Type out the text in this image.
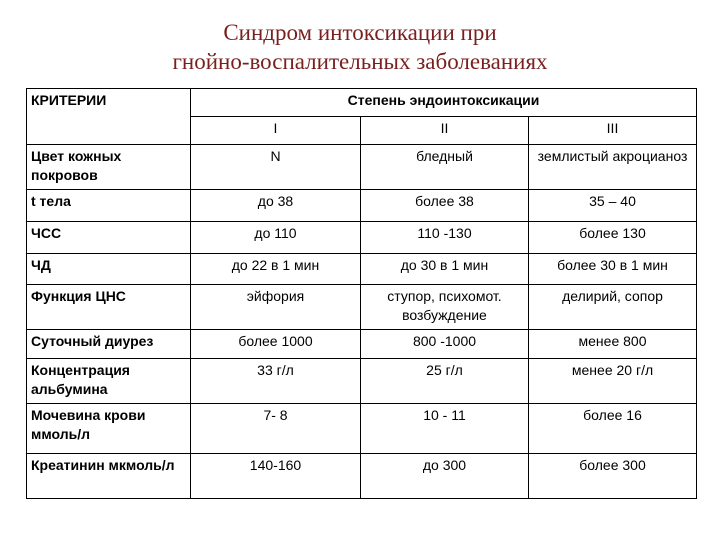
Синдром интоксикации при
гнойно-воспалительных заболеваниях
КРИТЕРИИ	Степень эндоинтоксикации		
	I	II	III
Цвет кожных покровов	N	бледный	землистый акроцианоз
t тела	до 38	более 38	35 – 40
ЧСС	до 110	110 -130	более 130
ЧД	до 22 в 1 мин	до 30 в 1 мин	более 30 в 1 мин
Функция ЦНС	эйфория	ступор, психомот. возбуждение	делирий, сопор
Суточный диурез	более 1000	800 -1000	менее 800
Концентрация альбумина	33 г/л	25 г/л	менее 20 г/л
Мочевина крови ммоль/л	7- 8	10 - 11	более 16
Креатинин мкмоль/л	140-160	до 300	более 300
